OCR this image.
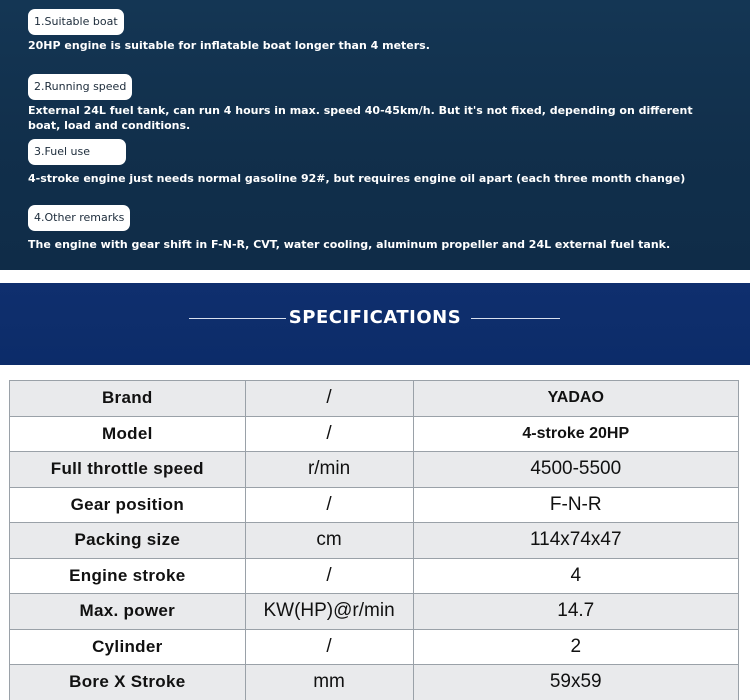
1.Suitable boat
20HP engine is suitable for inflatable boat longer than 4 meters.
2.Running speed
External 24L fuel tank, can run 4 hours in max. speed 40-45km/h. But it's not fixed, depending on different boat, load and conditions.
3.Fuel use
4-stroke engine just needs normal gasoline 92#, but requires engine oil apart (each three month change)
4.Other remarks
The engine with gear shift in F-N-R, CVT, water cooling, aluminum propeller and 24L external fuel tank.
SPECIFICATIONS
Brand	/	YADAO
Model	/	4-stroke 20HP
Full throttle speed	r/min	4500-5500
Gear position	/	F-N-R
Packing size	cm	114x74x47
Engine stroke	/	4
Max. power	KW(HP)@r/min	14.7
Cylinder	/	2
Bore X Stroke	mm	59x59
